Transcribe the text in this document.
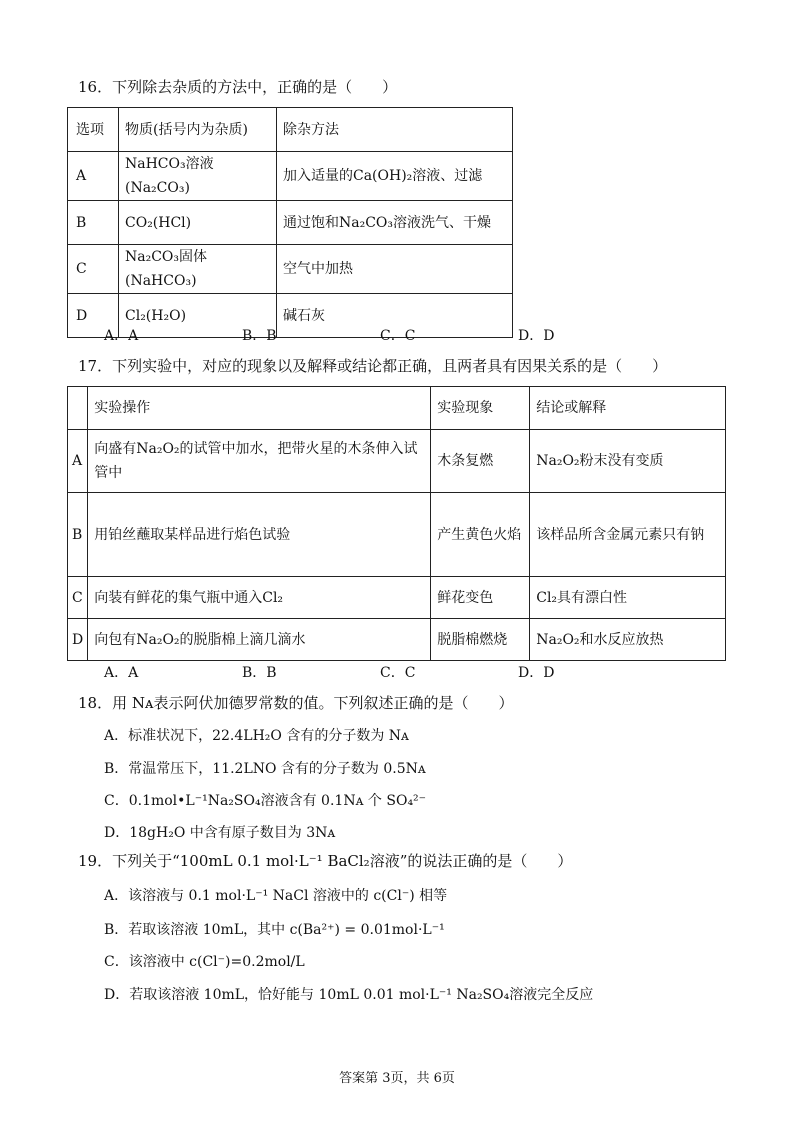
16．下列除去杂质的方法中，正确的是（　　）
选项	物质(括号内为杂质)	除杂方法
A	NaHCO₃溶液(Na₂CO₃)	加入适量的Ca(OH)₂溶液、过滤
B	CO₂(HCl)	通过饱和Na₂CO₃溶液洗气、干燥
C	Na₂CO₃固体(NaHCO₃)	空气中加热
D	Cl₂(H₂O)	碱石灰
A．A	B．B	C．C	D．D
17．下列实验中，对应的现象以及解释或结论都正确，且两者具有因果关系的是（　　）
	实验操作	实验现象	结论或解释
A	向盛有Na₂O₂的试管中加水，把带火星的木条伸入试管中	木条复燃	Na₂O₂粉末没有变质
B	用铂丝蘸取某样品进行焰色试验	产生黄色火焰	该样品所含金属元素只有钠
C	向装有鲜花的集气瓶中通入Cl₂	鲜花变色	Cl₂具有漂白性
D	向包有Na₂O₂的脱脂棉上滴几滴水	脱脂棉燃烧	Na₂O₂和水反应放热
A．A	B．B	C．C	D．D
18．用 Nᴀ表示阿伏加德罗常数的值。下列叙述正确的是（　　）
A．标准状况下，22.4LH₂O 含有的分子数为 Nᴀ
B．常温常压下，11.2LNO 含有的分子数为 0.5Nᴀ
C．0.1mol•L⁻¹Na₂SO₄溶液含有 0.1Nᴀ 个 SO₄²⁻
D．18gH₂O 中含有原子数目为 3Nᴀ
19．下列关于“100mL 0.1 mol·L⁻¹ BaCl₂溶液”的说法正确的是（　　）
A．该溶液与 0.1 mol·L⁻¹ NaCl 溶液中的 c(Cl⁻) 相等
B．若取该溶液 10mL，其中 c(Ba²⁺) = 0.01mol·L⁻¹
C．该溶液中 c(Cl⁻)=0.2mol/L
D．若取该溶液 10mL，恰好能与 10mL 0.01 mol·L⁻¹ Na₂SO₄溶液完全反应
答案第 3页，共 6页
